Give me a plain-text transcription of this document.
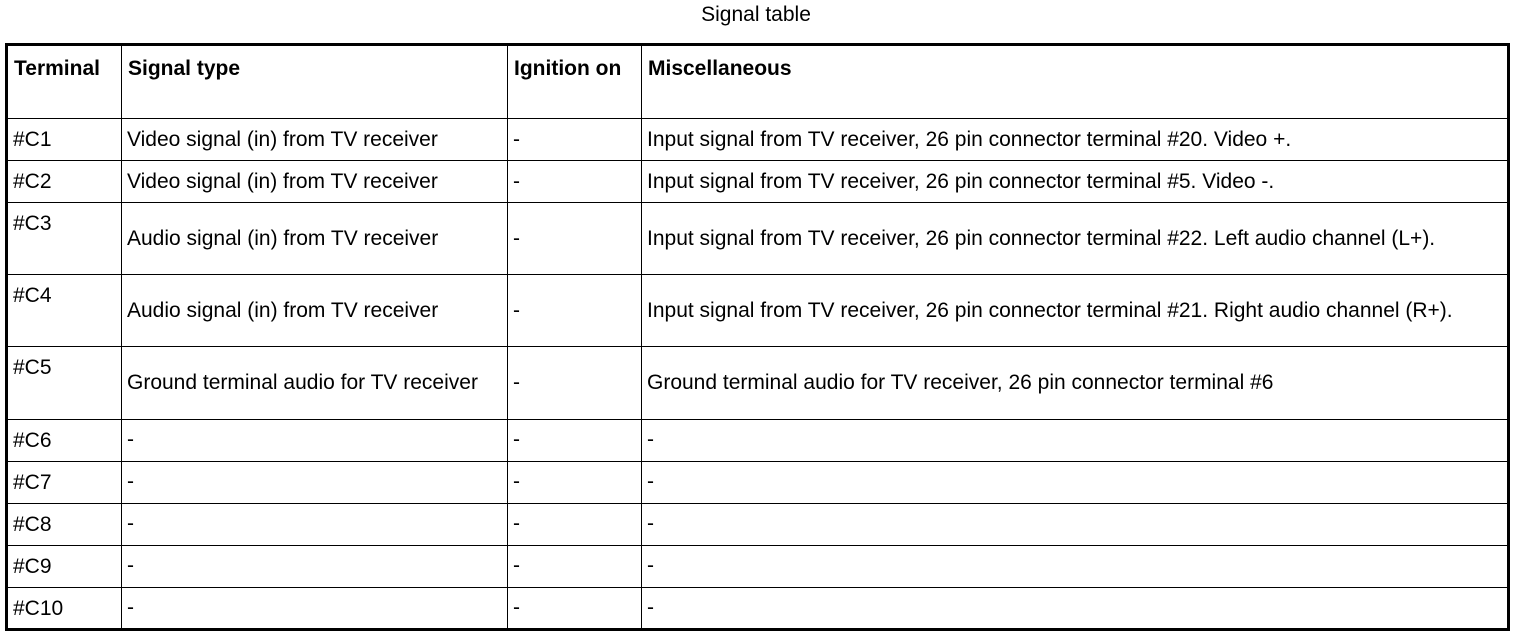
Signal table
Terminal	Signal type	Ignition on	Miscellaneous
#C1	Video signal (in) from TV receiver	-	Input signal from TV receiver, 26 pin connector terminal #20. Video +.
#C2	Video signal (in) from TV receiver	-	Input signal from TV receiver, 26 pin connector terminal #5. Video -.
#C3	Audio signal (in) from TV receiver	-	Input signal from TV receiver, 26 pin connector terminal #22. Left audio channel (L+).
#C4	Audio signal (in) from TV receiver	-	Input signal from TV receiver, 26 pin connector terminal #21. Right audio channel (R+).
#C5	Ground terminal audio for TV receiver	-	Ground terminal audio for TV receiver, 26 pin connector terminal #6
#C6	-	-	-
#C7	-	-	-
#C8	-	-	-
#C9	-	-	-
#C10	-	-	-
